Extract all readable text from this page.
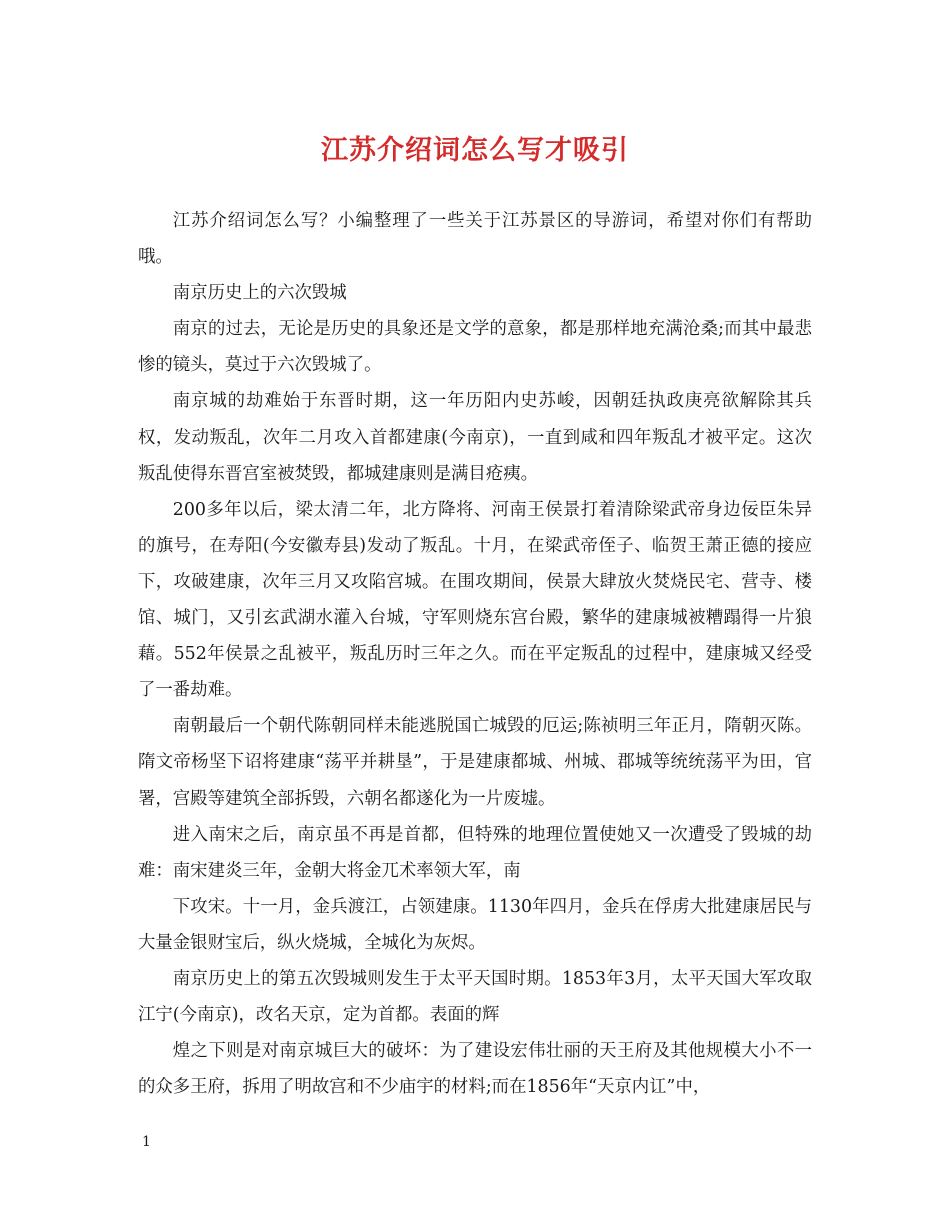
江苏介绍词怎么写才吸引

江苏介绍词怎么写？小编整理了一些关于江苏景区的导游词，希望对你们有帮助哦。

南京历史上的六次毁城

南京的过去，无论是历史的具象还是文学的意象，都是那样地充满沧桑;而其中最悲惨的镜头，莫过于六次毁城了。

南京城的劫难始于东晋时期，这一年历阳内史苏峻，因朝廷执政庚亮欲解除其兵权，发动叛乱，次年二月攻入首都建康(今南京)，一直到咸和四年叛乱才被平定。这次叛乱使得东晋宫室被焚毁，都城建康则是满目疮痍。

200多年以后，梁太清二年，北方降将、河南王侯景打着清除梁武帝身边佞臣朱异的旗号，在寿阳(今安徽寿县)发动了叛乱。十月，在梁武帝侄子、临贺王萧正德的接应下，攻破建康，次年三月又攻陷宫城。在围攻期间，侯景大肆放火焚烧民宅、营寺、楼馆、城门，又引玄武湖水灌入台城，守军则烧东宫台殿，繁华的建康城被糟蹋得一片狼藉。552年侯景之乱被平，叛乱历时三年之久。而在平定叛乱的过程中，建康城又经受了一番劫难。

南朝最后一个朝代陈朝同样未能逃脱国亡城毁的厄运;陈祯明三年正月，隋朝灭陈。隋文帝杨坚下诏将建康“荡平并耕垦”，于是建康都城、州城、郡城等统统荡平为田，官署，宫殿等建筑全部拆毁，六朝名都遂化为一片废墟。

进入南宋之后，南京虽不再是首都，但特殊的地理位置使她又一次遭受了毁城的劫难：南宋建炎三年，金朝大将金兀术率领大军，南

下攻宋。十一月，金兵渡江，占领建康。1130年四月，金兵在俘虏大批建康居民与大量金银财宝后，纵火烧城，全城化为灰烬。

南京历史上的第五次毁城则发生于太平天国时期。1853年3月，太平天国大军攻取江宁(今南京)，改名天京，定为首都。表面的辉

煌之下则是对南京城巨大的破坏：为了建设宏伟壮丽的天王府及其他规模大小不一的众多王府，拆用了明故宫和不少庙宇的材料;而在1856年“天京内讧”中，

1
